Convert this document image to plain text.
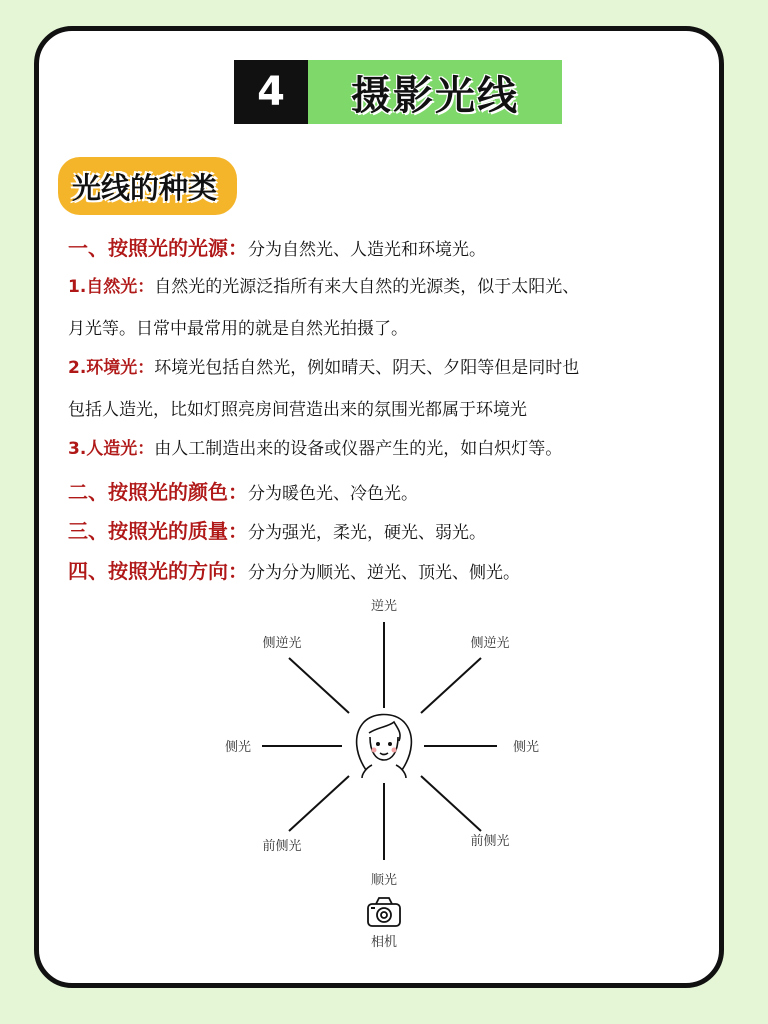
4	摄影光线
光线的种类
一、按照光的光源：分为自然光、人造光和环境光。
1.自然光：自然光的光源泛指所有来大自然的光源类，似于太阳光、
月光等。日常中最常用的就是自然光拍摄了。
2.环境光：环境光包括自然光，例如晴天、阴天、夕阳等但是同时也
包括人造光，比如灯照亮房间营造出来的氛围光都属于环境光
3.人造光：由人工制造出来的设备或仪器产生的光，如白炽灯等。
二、按照光的颜色：分为暖色光、冷色光。
三、按照光的质量：分为强光，柔光，硬光、弱光。
四、按照光的方向：分为分为顺光、逆光、顶光、侧光。
逆光
侧逆光	侧逆光
侧光	侧光
前侧光	前侧光
顺光
相机
